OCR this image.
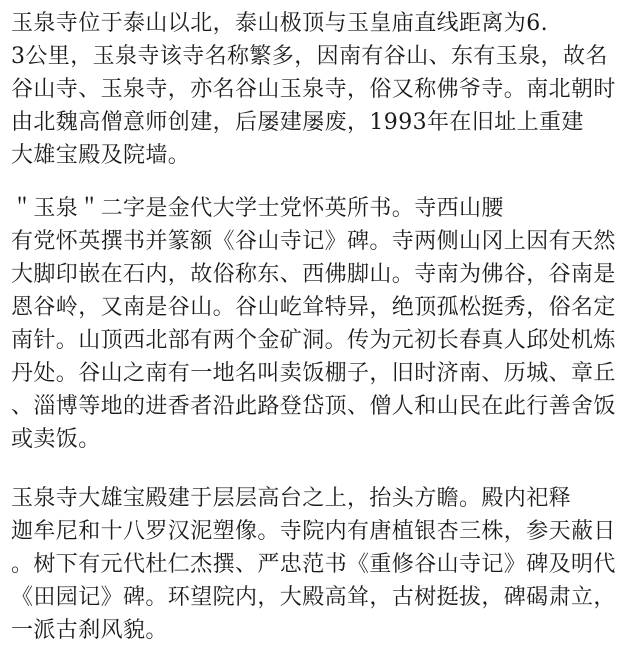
玉泉寺位于泰山以北，泰山极顶与玉皇庙直线距离为6.
3公里，玉泉寺该寺名称繁多，因南有谷山、东有玉泉，故名
谷山寺、玉泉寺，亦名谷山玉泉寺，俗又称佛爷寺。南北朝时
由北魏高僧意师创建，后屡建屡废，1993年在旧址上重建
大雄宝殿及院墙。
＂玉泉＂二字是金代大学士党怀英所书。寺西山腰
有党怀英撰书并篆额《谷山寺记》碑。寺两侧山冈上因有天然
大脚印嵌在石内，故俗称东、西佛脚山。寺南为佛谷，谷南是
恩谷岭，又南是谷山。谷山屹耸特异，绝顶孤松挺秀，俗名定
南针。山顶西北部有两个金矿洞。传为元初长春真人邱处机炼
丹处。谷山之南有一地名叫卖饭棚子，旧时济南、历城、章丘
、淄博等地的进香者沿此路登岱顶、僧人和山民在此行善舍饭
或卖饭。
玉泉寺大雄宝殿建于层层高台之上，抬头方瞻。殿内祀释
迦牟尼和十八罗汉泥塑像。寺院内有唐植银杏三株，参天蔽日
。树下有元代杜仁杰撰、严忠范书《重修谷山寺记》碑及明代
《田园记》碑。环望院内，大殿高耸，古树挺拔，碑碣肃立，
一派古刹风貌。
